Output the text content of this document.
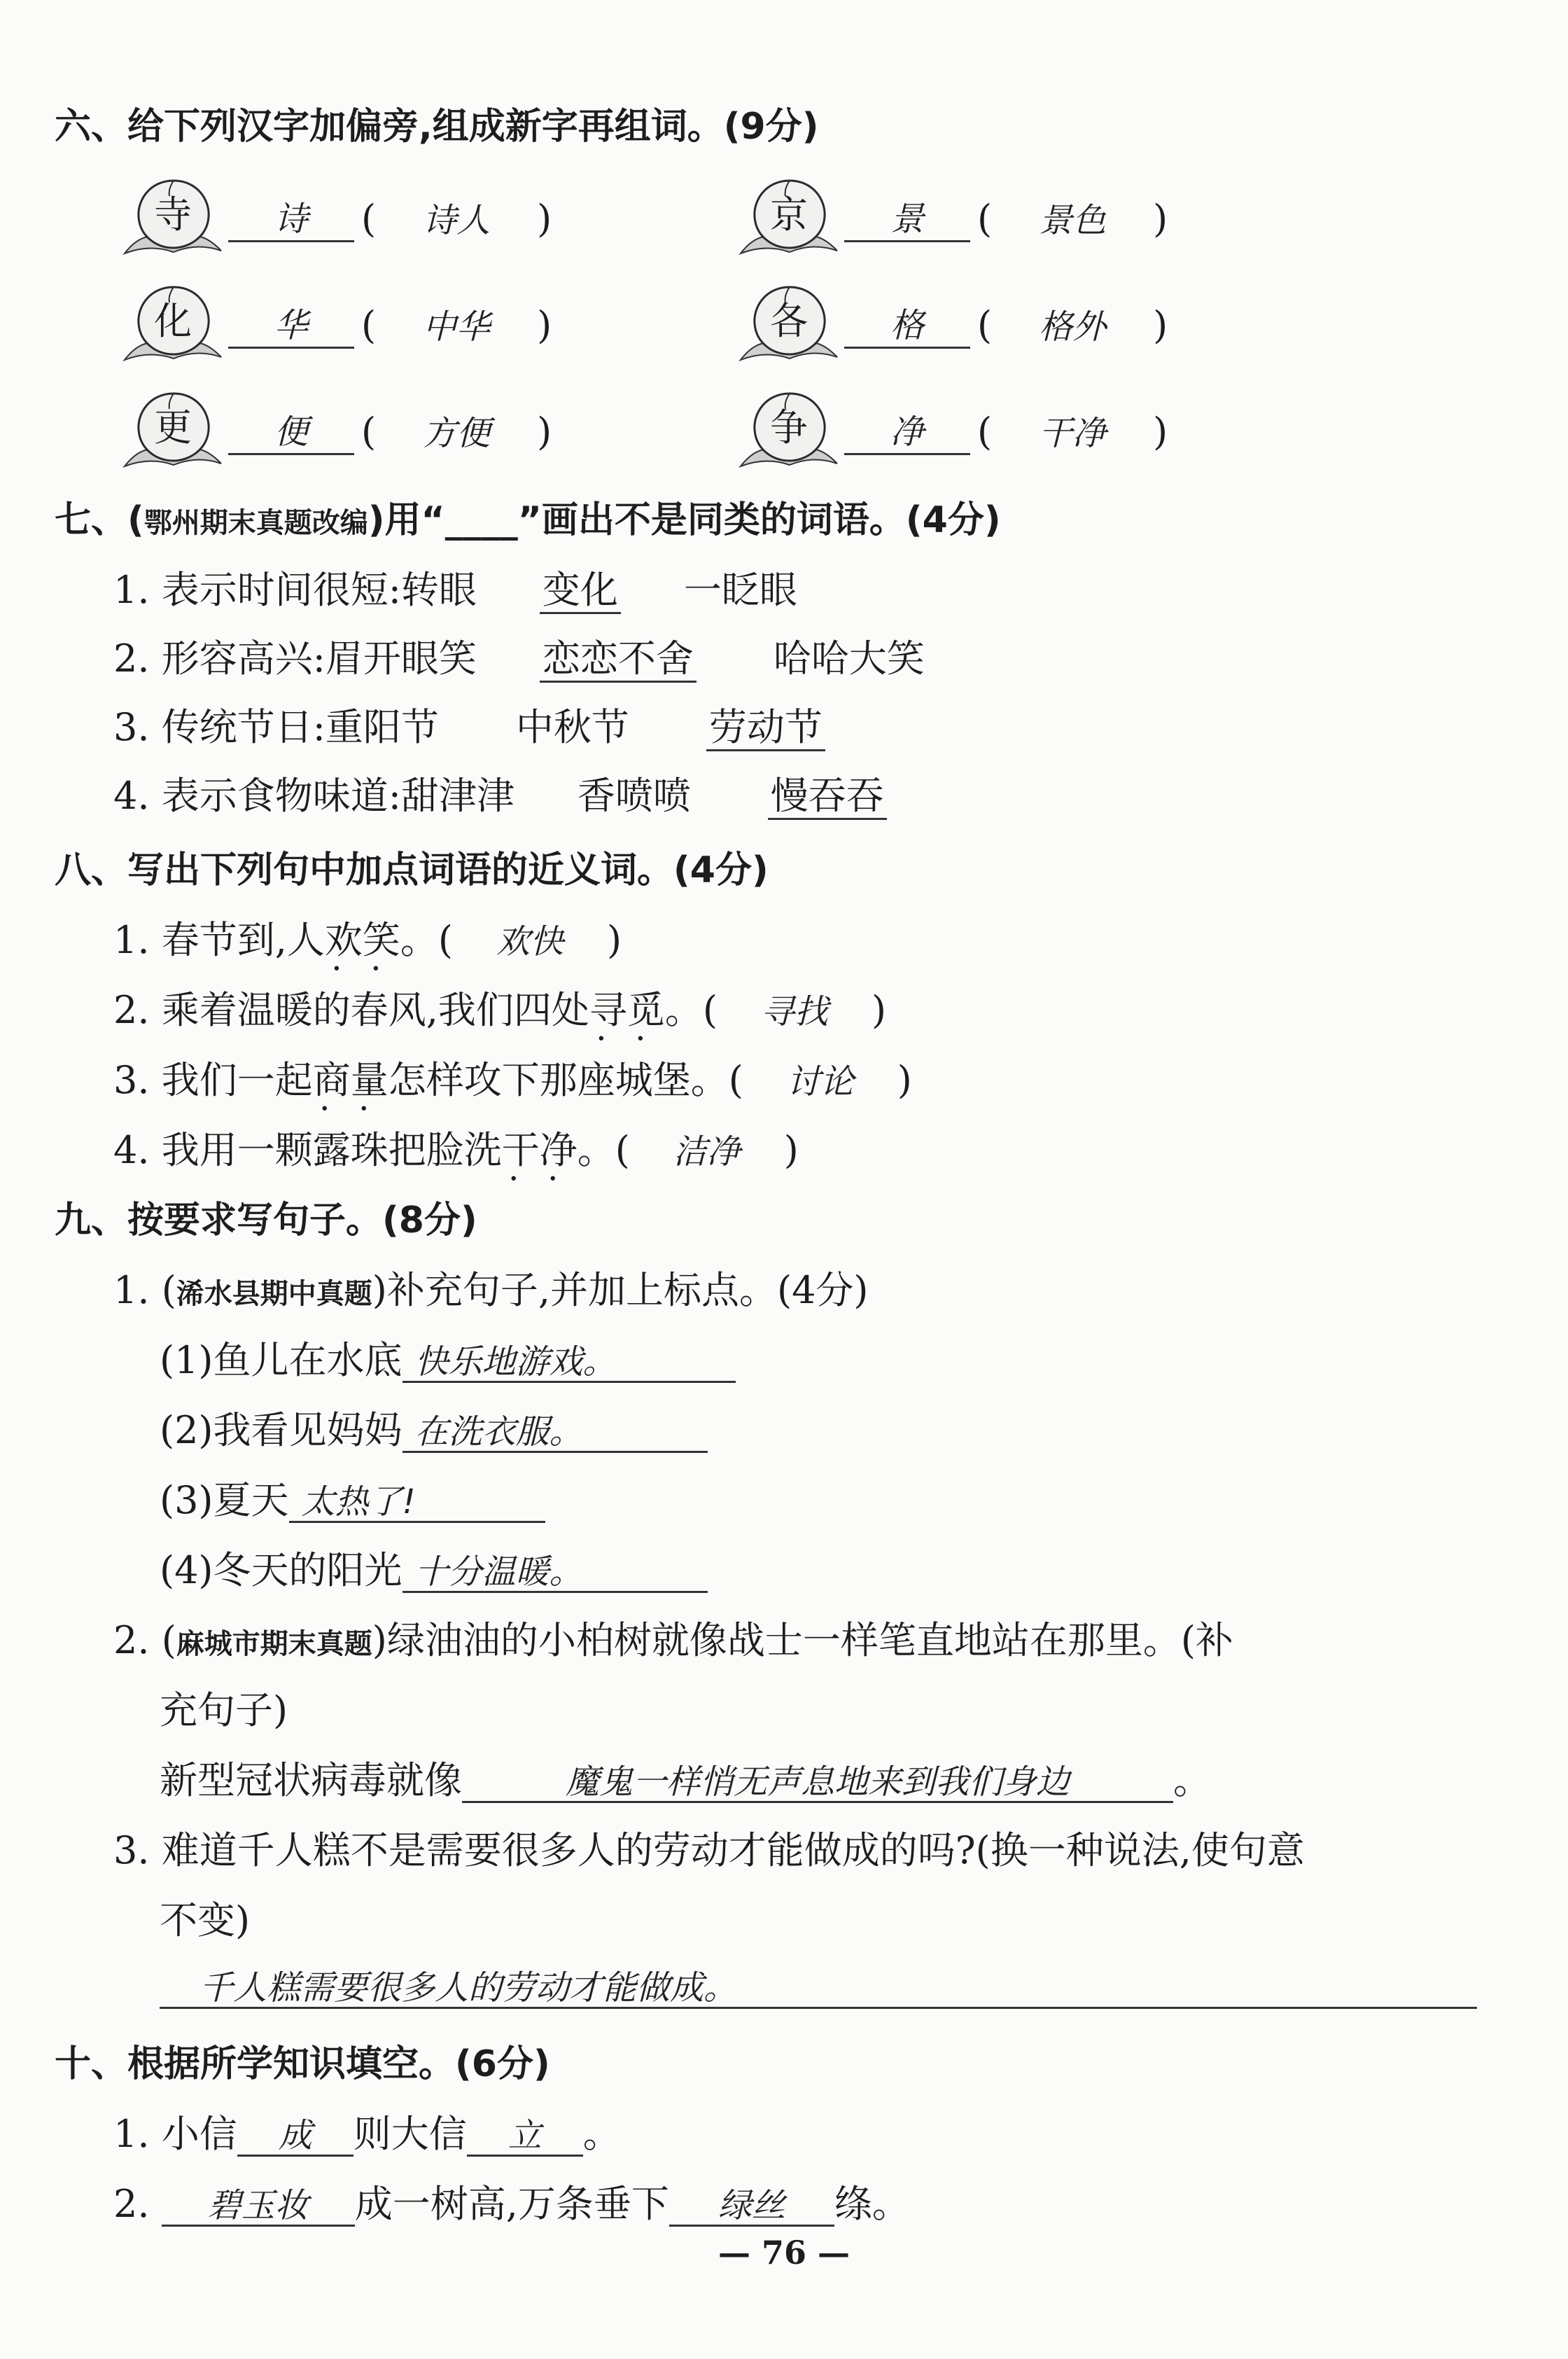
六、给下列汉字加偏旁,组成新字再组词。(9分)
寺	诗	( 诗人 )	京	景	( 景色 )
化	华	( 中华 )	各	格	( 格外 )
更	便	( 方便 )	争	净	( 干净 )
七、(鄂州期末真题改编)用“____”画出不是同类的词语。(4分)
1. 表示时间很短:转眼 变化 一眨眼
2. 形容高兴:眉开眼笑 恋恋不舍 哈哈大笑
3. 传统节日:重阳节 中秋节 劳动节
4. 表示食物味道:甜津津 香喷喷 慢吞吞
八、写出下列句中加点词语的近义词。(4分)
1. 春节到,人欢笑 • •。( 欢快 )
2. 乘着温暖的春风,我们四处寻觅 • •。( 寻找 )
3. 我们一起商量 • •怎样攻下那座城堡。( 讨论 )
4. 我用一颗露珠把脸洗干净 • •。( 洁净 )
九、按要求写句子。(8分)
1. (浠水县期中真题)补充句子,并加上标点。(4分)
(1)鱼儿在水底 快乐地游戏。
(2)我看见妈妈 在洗衣服。
(3)夏天 太热了!
(4)冬天的阳光 十分温暖。
2. (麻城市期末真题)绿油油的小柏树就像战士一样笔直地站在那里。(补
充句子)
新型冠状病毒就像	魔鬼一样悄无声息地来到我们身边	。
3. 难道千人糕不是需要很多人的劳动才能做成的吗?(换一种说法,使句意
不变)
千人糕需要很多人的劳动才能做成。
十、根据所学知识填空。(6分)
1. 小信 成 则大信 立 。
2. 碧玉妆 成一树高,万条垂下 绿丝 绦。
— 76 —
